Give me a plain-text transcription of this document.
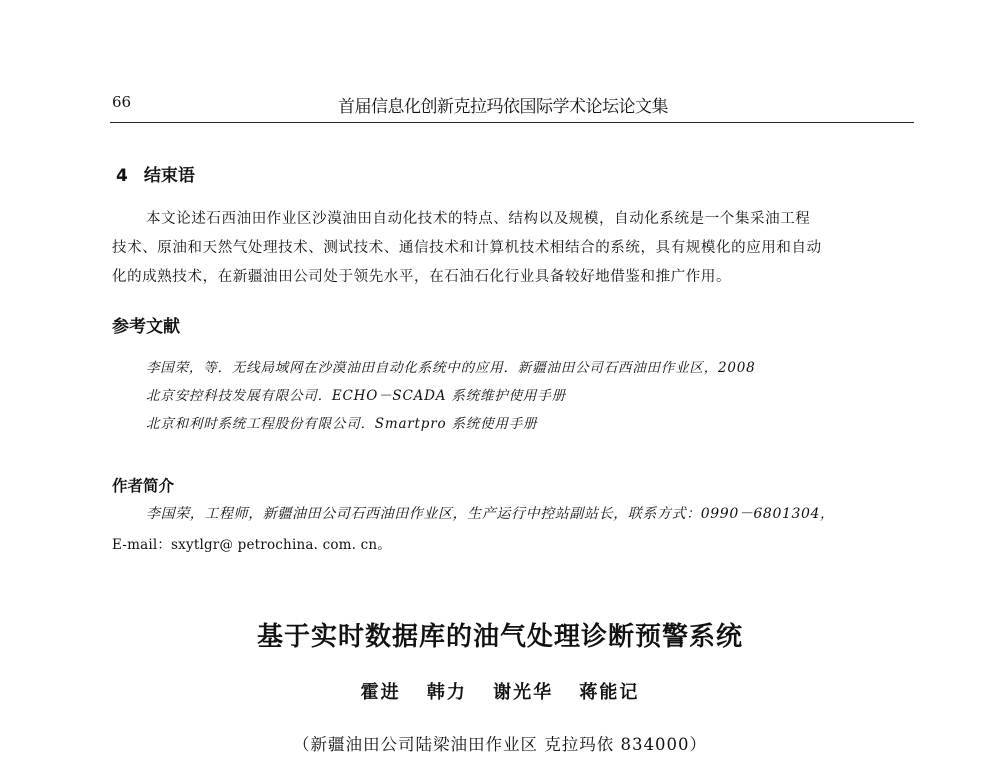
66	首届信息化创新克拉玛依国际学术论坛论文集
4 结束语
本文论述石西油田作业区沙漠油田自动化技术的特点、结构以及规模，自动化系统是一个集采油工程
技术、原油和天然气处理技术、测试技术、通信技术和计算机技术相结合的系统，具有规模化的应用和自动
化的成熟技术，在新疆油田公司处于领先水平，在石油石化行业具备较好地借鉴和推广作用。
参考文献
李国荣，等．无线局域网在沙漠油田自动化系统中的应用．新疆油田公司石西油田作业区，2008
北京安控科技发展有限公司．ECHO－SCADA 系统维护使用手册
北京和利时系统工程股份有限公司．Smartpro 系统使用手册
作者简介
李国荣，工程师，新疆油田公司石西油田作业区，生产运行中控站副站长，联系方式：0990－6801304，
E-mail：sxytlgr@ petrochina. com. cn。
基于实时数据库的油气处理诊断预警系统
霍进 韩力 谢光华 蒋能记
（新疆油田公司陆梁油田作业区 克拉玛依 834000）
